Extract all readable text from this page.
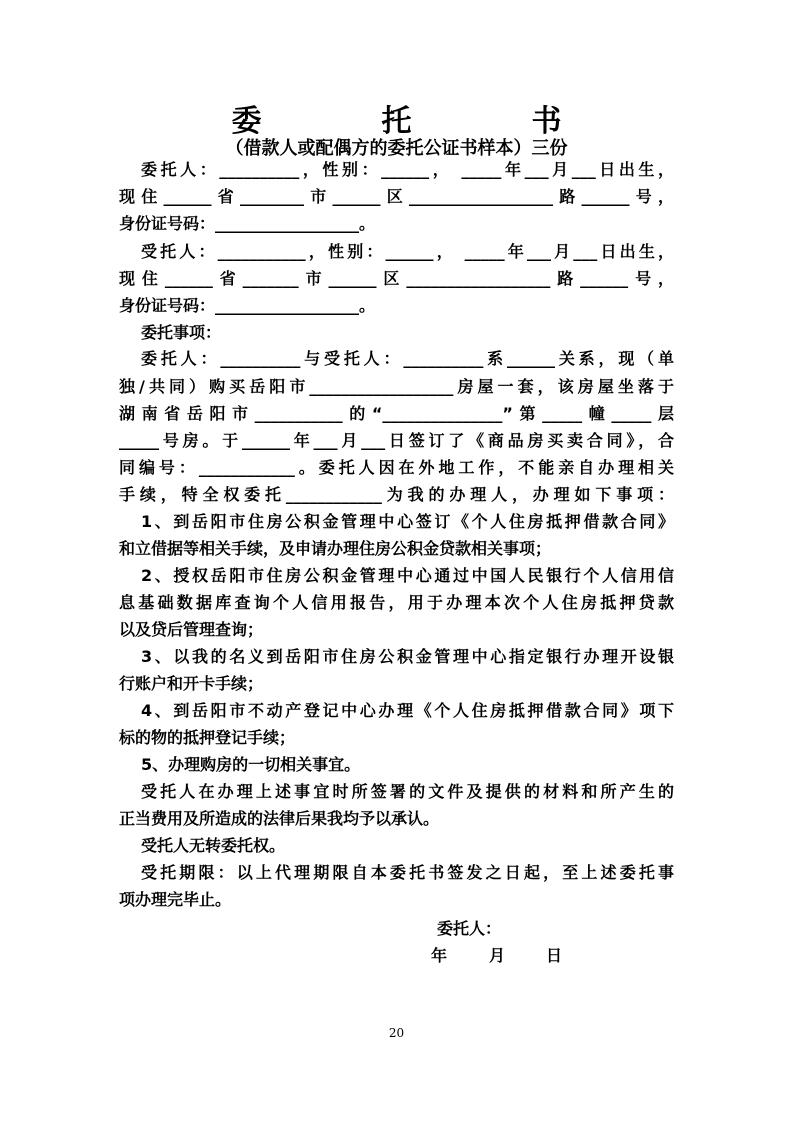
委	托	书
（借款人或配偶方的委托公证书样本）三份
委托人：__________，性别：______， _____年___月___日出生，
现住______省________市______区__________________路______号，
身份证号码：__________________。
受托人：___________，性别：______， _____年___月___日出生，
现住______省_______市______区__________________路______号，
身份证号码：__________________。
委托事项：
委托人：__________与受托人：__________系______关系，现（单
独/共同）购买岳阳市__________________房屋一套，该房屋坐落于
湖南省岳阳市___________的“_______________”第_____幢_____层
_____号房。于______年___月___日签订了《商品房买卖合同》，合
同编号：____________。委托人因在外地工作，不能亲自办理相关
手续，特全权委托____________为我的办理人，办理如下事项：
1、到岳阳市住房公积金管理中心签订《个人住房抵押借款合同》
和立借据等相关手续，及申请办理住房公积金贷款相关事项；
2、授权岳阳市住房公积金管理中心通过中国人民银行个人信用信
息基础数据库查询个人信用报告，用于办理本次个人住房抵押贷款
以及贷后管理查询；
3、以我的名义到岳阳市住房公积金管理中心指定银行办理开设银
行账户和开卡手续；
4、到岳阳市不动产登记中心办理《个人住房抵押借款合同》项下
标的物的抵押登记手续；
5、办理购房的一切相关事宜。
受托人在办理上述事宜时所签署的文件及提供的材料和所产生的
正当费用及所造成的法律后果我均予以承认。
受托人无转委托权。
受托期限：以上代理期限自本委托书签发之日起，至上述委托事
项办理完毕止。
委托人：
年	月	日
20
